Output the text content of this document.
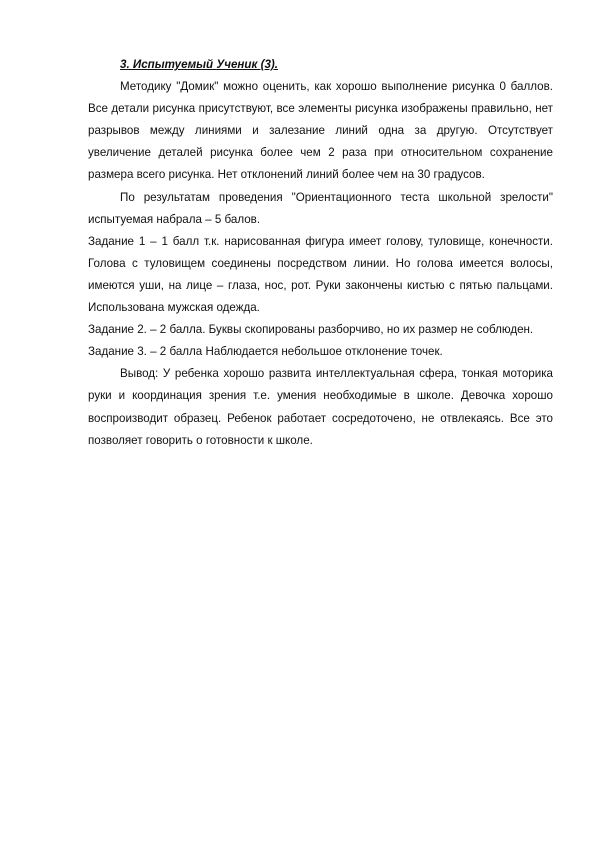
3. Испытуемый Ученик (3).

Методику "Домик" можно оценить, как хорошо выполнение рисунка 0 баллов. Все детали рисунка присутствуют, все элементы рисунка изображены правильно, нет разрывов между линиями и залезание линий одна за другую. Отсутствует увеличение деталей рисунка более чем 2 раза при относительном сохранение размера всего рисунка. Нет отклонений линий более чем на 30 градусов.

По результатам проведения "Ориентационного теста школьной зрелости" испытуемая набрала – 5 балов.

Задание 1 – 1 балл т.к. нарисованная фигура имеет голову, туловище, конечности. Голова с туловищем соединены посредством линии. Но голова имеется волосы, имеются уши, на лице – глаза, нос, рот. Руки закончены кистью с пятью пальцами. Использована мужская одежда.

Задание 2. – 2 балла. Буквы скопированы разборчиво, но их размер не соблюден.

Задание 3. – 2 балла Наблюдается небольшое отклонение точек.

Вывод: У ребенка хорошо развита интеллектуальная сфера, тонкая моторика руки и координация зрения т.е. умения необходимые в школе. Девочка хорошо воспроизводит образец. Ребенок работает сосредоточено, не отвлекаясь. Все это позволяет говорить о готовности к школе.
